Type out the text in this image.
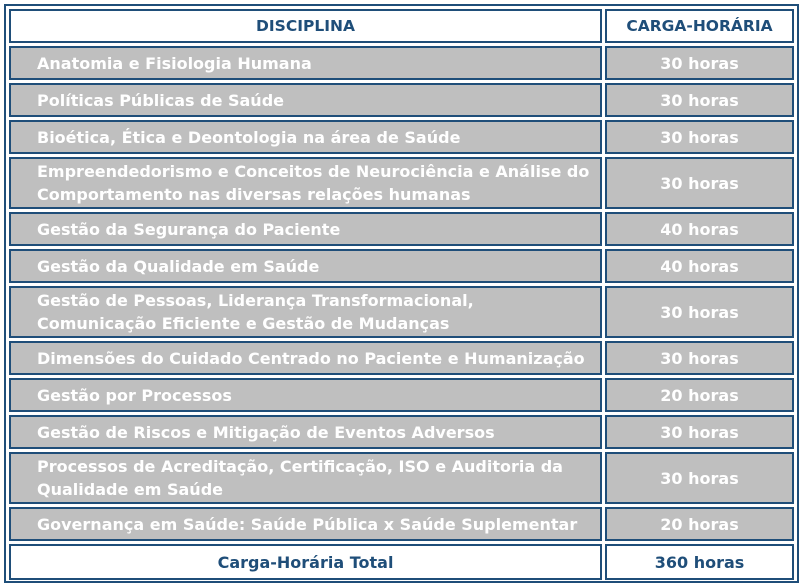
DISCIPLINA	CARGA-HORÁRIA
Anatomia e Fisiologia Humana	30 horas
Políticas Públicas de Saúde	30 horas
Bioética, Ética e Deontologia na área de Saúde	30 horas
Empreendedorismo e Conceitos de Neurociência e Análise do Comportamento nas diversas relações humanas	30 horas
Gestão da Segurança do Paciente	40 horas
Gestão da Qualidade em Saúde	40 horas
Gestão de Pessoas, Liderança Transformacional, Comunicação Eficiente e Gestão de Mudanças	30 horas
Dimensões do Cuidado Centrado no Paciente e Humanização	30 horas
Gestão por Processos	20 horas
Gestão de Riscos e Mitigação de Eventos Adversos	30 horas
Processos de Acreditação, Certificação, ISO e Auditoria da Qualidade em Saúde	30 horas
Governança em Saúde: Saúde Pública x Saúde Suplementar	20 horas
Carga-Horária Total	360 horas
